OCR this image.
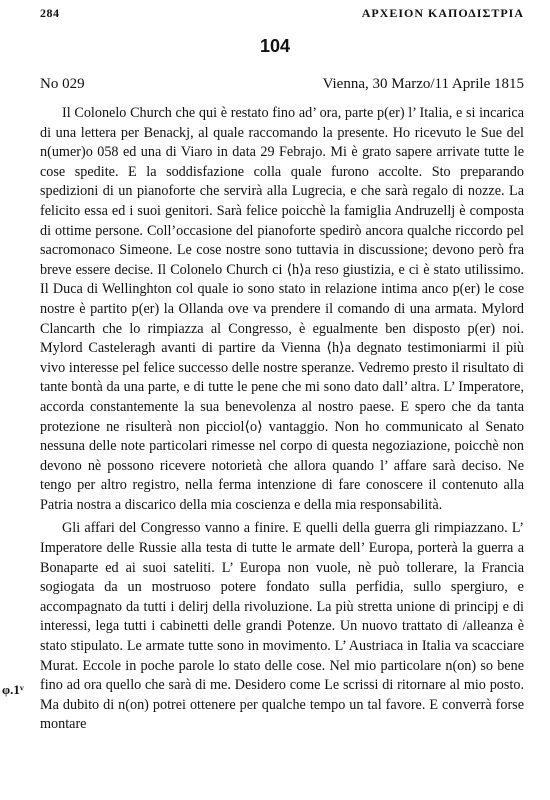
284	ΑΡΧΕΙΟΝ ΚΑΠΟΔΙΣΤΡΙΑ
104
No 029	Vienna, 30 Marzo/11 Aprile 1815

Il Colonelo Church che qui è restato fino ad’ ora, parte p(er) l’ Italia, e si incarica di una lettera per Benackj, al quale raccomando la presente. Ho ricevuto le Sue del n(umer)o 058 ed una di Viaro in data 29 Febrajo. Mi è grato sapere arrivate tutte le cose spedite. E la soddisfazione colla quale furono accolte. Sto preparando spedizioni di un pianoforte che servirà alla Lugrecia, e che sarà regalo di nozze. La felicito essa ed i suoi genitori. Sarà felice poicchè la famiglia Andruzellj è composta di ottime persone. Coll’occasione del pianoforte spedirò ancora qualche riccordo pel sacromonaco Simeone. Le cose nostre sono tuttavia in discussione; devono però fra breve essere decise. Il Colonelo Church ci ⟨h⟩a reso giustizia, e ci è stato utilissimo. Il Duca di Wellinghton col quale io sono stato in relazione intima anco p(er) le cose nostre è partito p(er) la Ollanda ove va prendere il comando di una armata. Mylord Clancarth che lo rimpiazza al Congresso, è egualmente ben disposto p(er) noi. Mylord Casteleragh avanti di partire da Vienna ⟨h⟩a degnato testimoniarmi il più vivo interesse pel felice successo delle nostre speranze. Vedremo presto il risultato di tante bontà da una parte, e di tutte le pene che mi sono dato dall’ altra. L’ Imperatore, accorda constantemente la sua benevolenza al nostro paese. E spero che da tanta protezione ne risulterà non picciol⟨o⟩ vantaggio. Non ho communicato al Senato nessuna delle note particolari rimesse nel corpo di questa negoziazione, poicchè non devono nè possono ricevere notorietà che allora quando l’ affare sarà deciso. Ne tengo per altro registro, nella ferma intenzione di fare conoscere il contenuto alla Patria nostra a discarico della mia coscienza e della mia responsabilità.

Gli affari del Congresso vanno a finire. E quelli della guerra gli rimpiazzano. L’ Imperatore delle Russie alla testa di tutte le armate dell’ Europa, porterà la guerra a Bonaparte ed ai suoi sateliti. L’ Europa non vuole, nè può tollerare, la Francia sogiogata da un mostruoso potere fondato sulla perfidia, sullo spergiuro, e accompagnato da tutti i delirj della rivoluzione. La più stretta unione di principj e di interessi, lega tutti i cabinetti delle grandi Potenze. Un nuovo trattato di /alleanza è stato stipulato. Le armate tutte sono in movimento. L’ Austriaca in Italia va scacciare Murat. Eccole in poche parole lo stato delle cose. Nel mio particolare n(on) so bene fino ad ora quello che sarà di me. Desidero come Le scrissi di ritornare al mio posto. Ma dubito di n(on) potrei ottenere per qualche tempo un tal favore. E converrà forse montare

φ.1ᵛ
